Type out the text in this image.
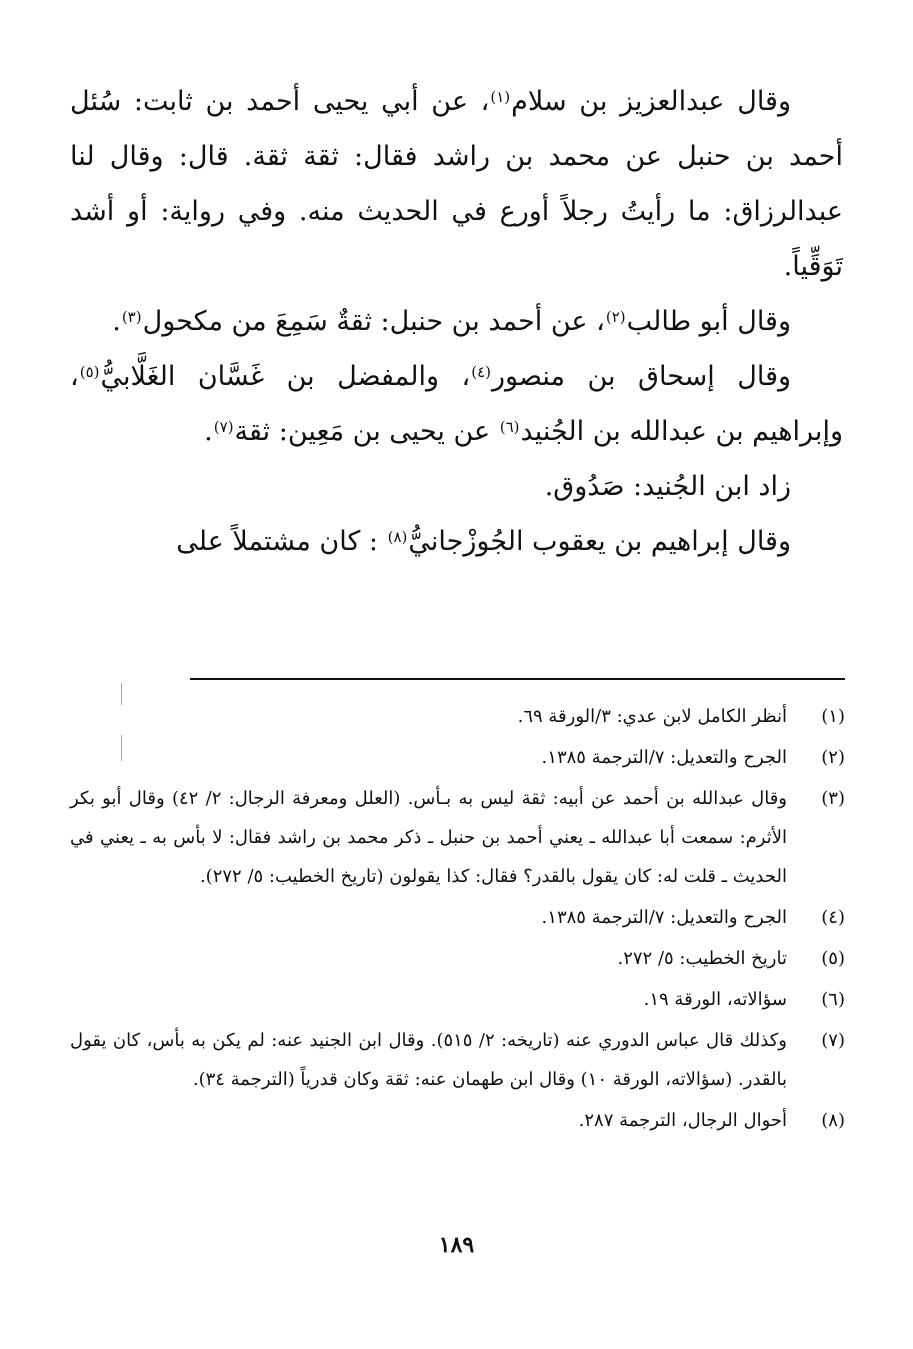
وقال عبدالعزيز بن سلام$^{(١)}$، عن أبي يحيى أحمد بن ثابت: سُئل أحمد بن حنبل عن محمد بن راشد فقال: ثقة ثقة. قال: وقال لنا عبدالرزاق: ما رأيتُ رجلاً أورع في الحديث منه. وفي رواية: أو أشد تَوَقِّياً.

وقال أبو طالب$^{(٢)}$، عن أحمد بن حنبل: ثقةٌ سَمِعَ من مكحول$^{(٣)}$.

وقال إسحاق بن منصور$^{(٤)}$، والمفضل بن غَسَّان الغَلَّابيُّ$^{(٥)}$، وإبراهيم بن عبدالله بن الجُنيد$^{(٦)}$ عن يحيى بن مَعِين: ثقة$^{(٧)}$.

زاد ابن الجُنيد: صَدُوق.

وقال إبراهيم بن يعقوب الجُوزْجانيُّ$^{(٨)}$ : كان مشتملاً على

(١)
أنظر الكامل لابن عدي: ٣/الورقة ٦٩.
(٢)
الجرح والتعديل: ٧/الترجمة ١٣٨٥.
(٣)
وقال عبدالله بن أحمد عن أبيه: ثقة ليس به بـأس. (العلل ومعرفة الرجال: ٢/ ٤٢) وقال أبو بكر الأثرم: سمعت أبا عبدالله ـ يعني أحمد بن حنبل ـ ذكر محمد بن راشد فقال: لا بأس به ـ يعني في الحديث ـ قلت له: كان يقول بالقدر؟ فقال: كذا يقولون (تاريخ الخطيب: ٥/ ٢٧٢).
(٤)
الجرح والتعديل: ٧/الترجمة ١٣٨٥.
(٥)
تاريخ الخطيب: ٥/ ٢٧٢.
(٦)
سؤالاته، الورقة ١٩.
(٧)
وكذلك قال عباس الدوري عنه (تاريخه: ٢/ ٥١٥). وقال ابن الجنيد عنه: لم يكن به بأس، كان يقول بالقدر. (سؤالاته، الورقة ١٠) وقال ابن طهمان عنه: ثقة وكان قدرياً (الترجمة ٣٤).
(٨)
أحوال الرجال، الترجمة ٢٨٧.
١٨٩
